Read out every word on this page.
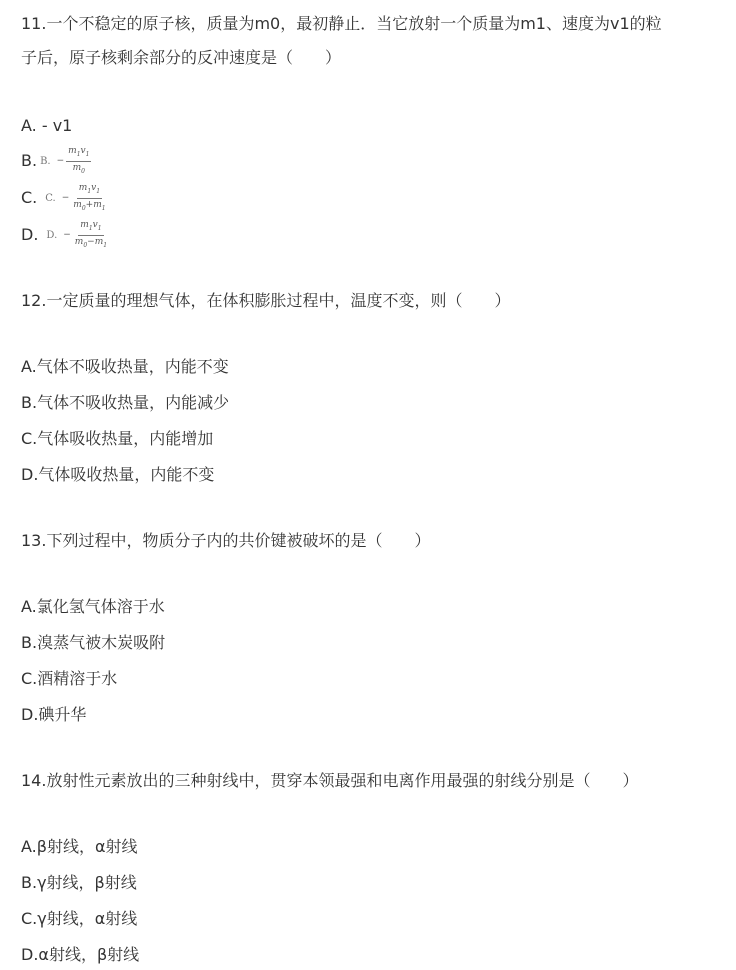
11.一个不稳定的原子核，质量为m0，最初静止．当它放射一个质量为m1、速度为v1的粒
子后，原子核剩余部分的反冲速度是（　　）
A. - v1
B. B. − $\frac{m_1v_1}{m_0}$
C. C. − $\frac{m_1v_1}{m_0+m_1}$
D. D. − $\frac{m_1v_1}{m_0-m_1}$
12.一定质量的理想气体，在体积膨胀过程中，温度不变，则（　　）
A.气体不吸收热量，内能不变
B.气体不吸收热量，内能减少
C.气体吸收热量，内能增加
D.气体吸收热量，内能不变
13.下列过程中，物质分子内的共价键被破坏的是（　　）
A.氯化氢气体溶于水
B.溴蒸气被木炭吸附
C.酒精溶于水
D.碘升华
14.放射性元素放出的三种射线中，贯穿本领最强和电离作用最强的射线分别是（　　）
A.β射线，α射线
B.γ射线，β射线
C.γ射线，α射线
D.α射线，β射线
